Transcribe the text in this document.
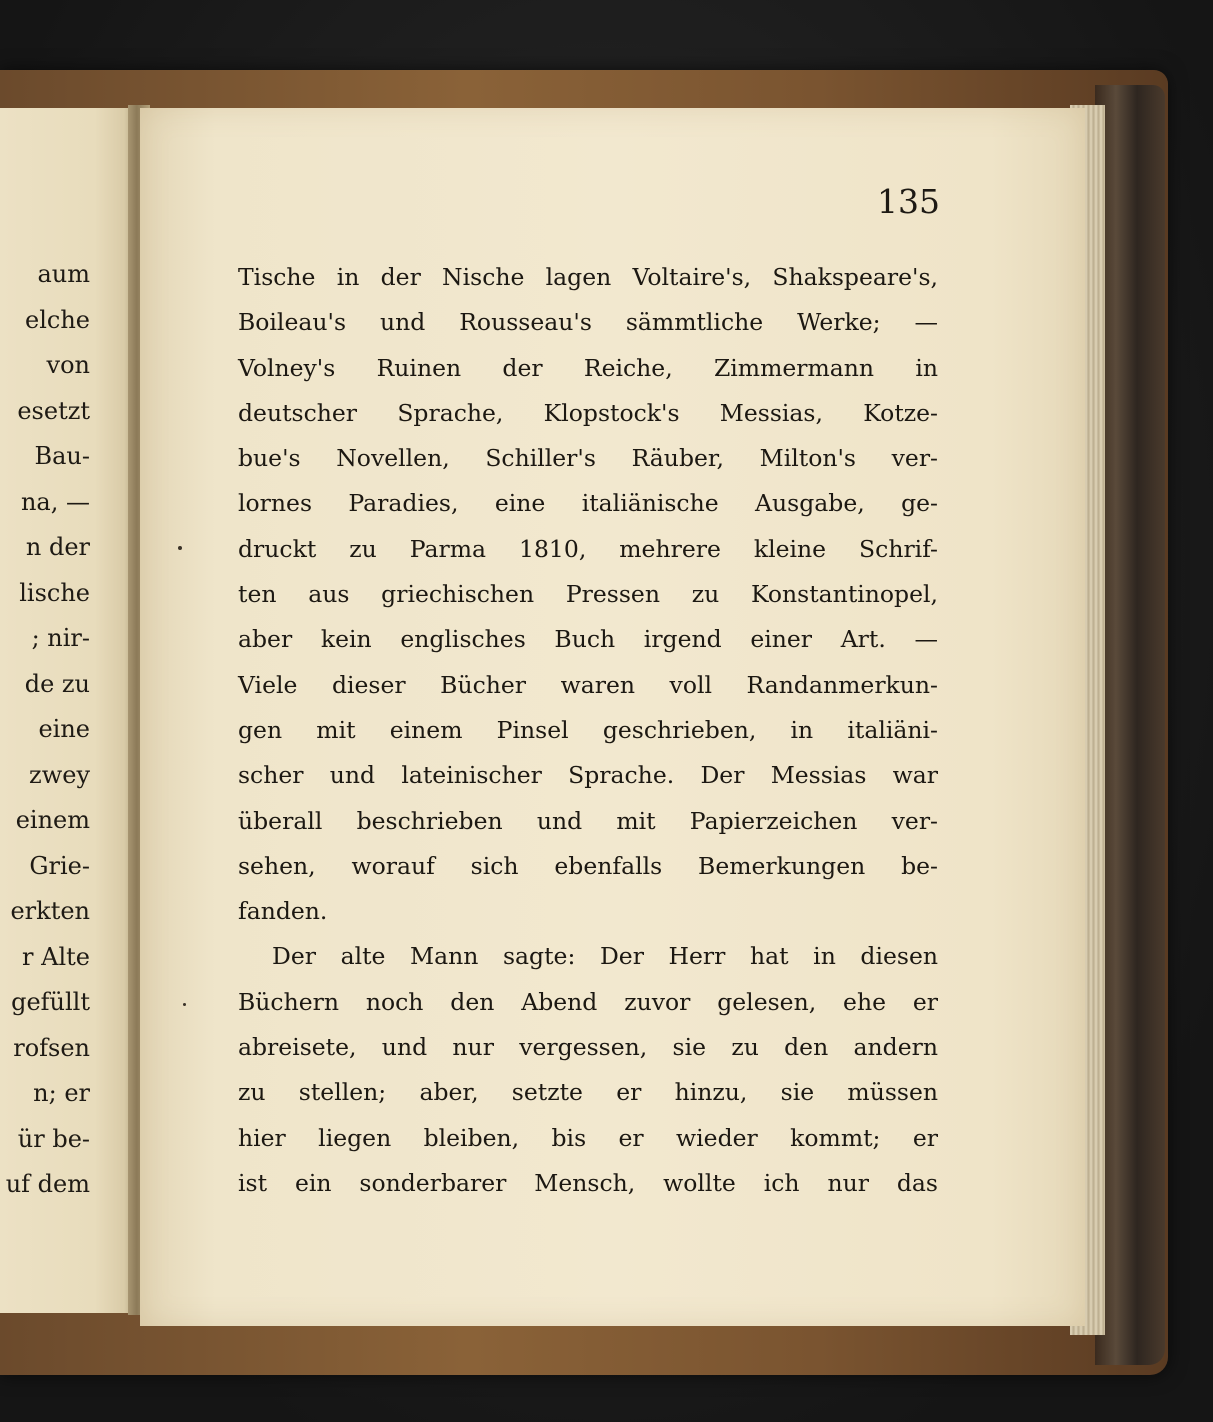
aum
elche
von
esetzt
Bau-
na, —
n der
lische
; nir-
de zu
eine
zwey
einem
Grie-
erkten
r Alte
gefüllt
rofsen
n; er
ür be-
uf dem
135
Tische in der Nische lagen Voltaire's, Shakspeare's,
Boileau's und Rousseau's sämmtliche Werke; —
Volney's Ruinen der Reiche, Zimmermann in
deutscher Sprache, Klopstock's Messias, Kotze-
bue's Novellen, Schiller's Räuber, Milton's ver-
lornes Paradies, eine italiänische Ausgabe, ge-
druckt zu Parma 1810, mehrere kleine Schrif-
ten aus griechischen Pressen zu Konstantinopel,
aber kein englisches Buch irgend einer Art. —
Viele dieser Bücher waren voll Randanmerkun-
gen mit einem Pinsel geschrieben, in italiäni-
scher und lateinischer Sprache. Der Messias war
überall beschrieben und mit Papierzeichen ver-
sehen, worauf sich ebenfalls Bemerkungen be-
fanden.
Der alte Mann sagte: Der Herr hat in diesen
Büchern noch den Abend zuvor gelesen, ehe er
abreisete, und nur vergessen, sie zu den andern
zu stellen; aber, setzte er hinzu, sie müssen
hier liegen bleiben, bis er wieder kommt; er
ist ein sonderbarer Mensch, wollte ich nur das
